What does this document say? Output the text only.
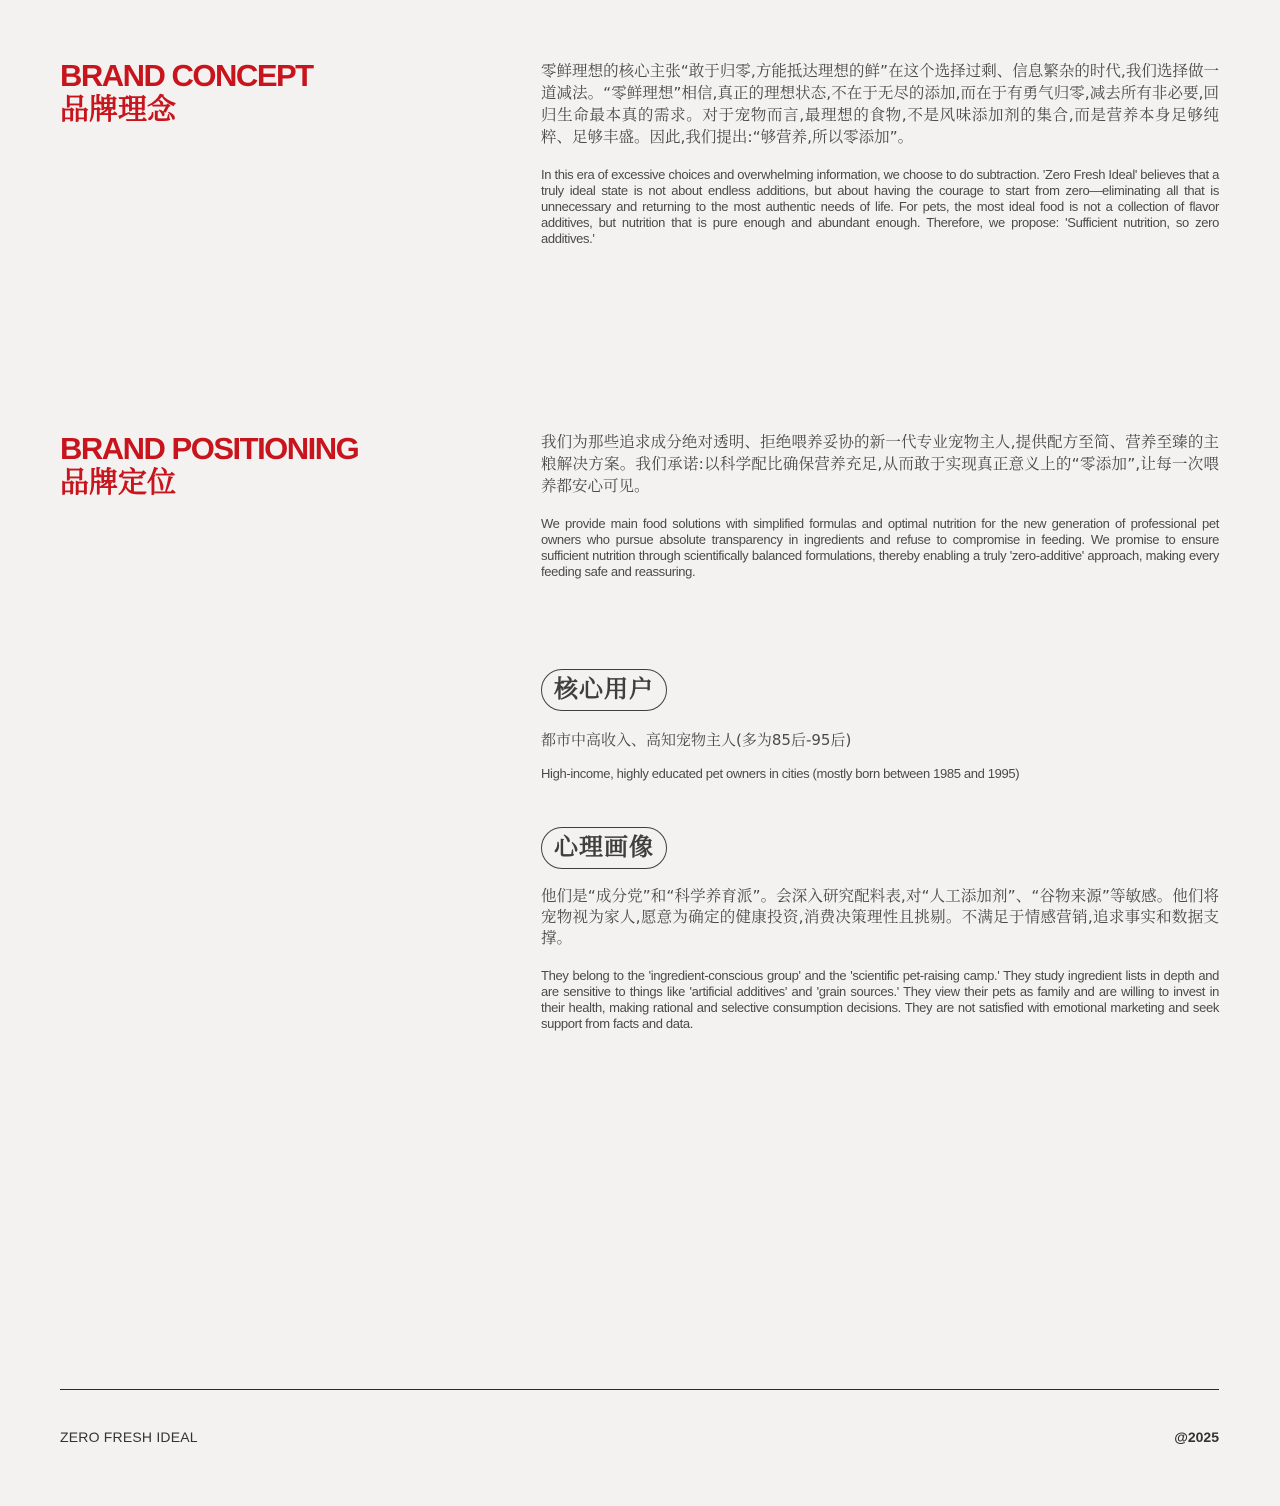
BRAND CONCEPT
品牌理念

零鲜理想的核心主张“敢于归零,方能抵达理想的鲜”在这个选择过剩、信息繁杂的时代,我们选择做一道减法。“零鲜理想”相信,真正的理想状态,不在于无尽的添加,而在于有勇气归零,减去所有非必要,回归生命最本真的需求。对于宠物而言,最理想的食物,不是风味添加剂的集合,而是营养本身足够纯粹、足够丰盛。因此,我们提出:“够营养,所以零添加”。

In this era of excessive choices and overwhelming information, we choose to do subtraction. 'Zero Fresh Ideal' believes that a truly ideal state is not about endless additions, but about having the courage to start from zero—eliminating all that is unnecessary and returning to the most authentic needs of life. For pets, the most ideal food is not a collection of flavor additives, but nutrition that is pure enough and abundant enough. Therefore, we propose: 'Sufficient nutrition, so zero additives.'

BRAND POSITIONING
品牌定位

我们为那些追求成分绝对透明、拒绝喂养妥协的新一代专业宠物主人,提供配方至简、营养至臻的主粮解决方案。我们承诺:以科学配比确保营养充足,从而敢于实现真正意义上的“零添加”,让每一次喂养都安心可见。

We provide main food solutions with simplified formulas and optimal nutrition for the new generation of professional pet owners who pursue absolute transparency in ingredients and refuse to compromise in feeding. We promise to ensure sufficient nutrition through scientifically balanced formulations, thereby enabling a truly 'zero-additive' approach, making every feeding safe and reassuring.

核心用户

都市中高收入、高知宠物主人(多为85后-95后)

High-income, highly educated pet owners in cities (mostly born between 1985 and 1995)

心理画像

他们是“成分党”和“科学养育派”。会深入研究配料表,对“人工添加剂”、“谷物来源”等敏感。他们将宠物视为家人,愿意为确定的健康投资,消费决策理性且挑剔。不满足于情感营销,追求事实和数据支撑。

They belong to the 'ingredient-conscious group' and the 'scientific pet-raising camp.' They study ingredient lists in depth and are sensitive to things like 'artificial additives' and 'grain sources.' They view their pets as family and are willing to invest in their health, making rational and selective consumption decisions. They are not satisfied with emotional marketing and seek support from facts and data.

ZERO FRESH IDEAL	@2025
